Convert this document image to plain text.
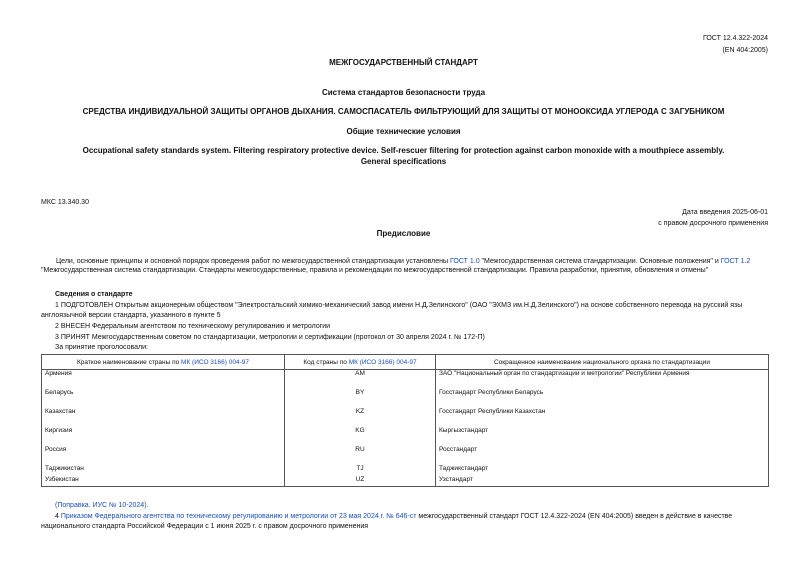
ГОСТ 12.4.322-2024
(EN 404:2005)
МЕЖГОСУДАРСТВЕННЫЙ СТАНДАРТ
Система стандартов безопасности труда
СРЕДСТВА ИНДИВИДУАЛЬНОЙ ЗАЩИТЫ ОРГАНОВ ДЫХАНИЯ. САМОСПАСАТЕЛЬ ФИЛЬТРУЮЩИЙ ДЛЯ ЗАЩИТЫ ОТ МОНООКСИДА УГЛЕРОДА С ЗАГУБНИКОМ
Общие технические условия
Occupational safety standards system. Filtering respiratory protective device. Self-rescuer filtering for protection against carbon monoxide with a mouthpiece assembly.
General specifications
МКС 13.340.30
Дата введения 2025-06-01
с правом досрочного применения
Предисловие
Цели, основные принципы и основной порядок проведения работ по межгосударственной стандартизации установлены ГОСТ 1.0 "Межгосударственная система стандартизации. Основные положения" и ГОСТ 1.2 "Межгосударственная система стандартизации. Стандарты межгосударственные, правила и рекомендации по межгосударственной стандартизации. Правила разработки, принятия, обновления и отмены"
Сведения о стандарте
1 ПОДГОТОВЛЕН Открытым акционерным обществом "Электростальский химико-механический завод имени Н.Д.Зелинского" (ОАО "ЭХМЗ им.Н.Д.Зелинского") на основе собственного перевода на русский язы
англоязычной версии стандарта, указанного в пункте 5
2 ВНЕСЕН Федеральным агентством по техническому регулированию и метрологии
3 ПРИНЯТ Межгосударственным советом по стандартизации, метрологии и сертификации (протокол от 30 апреля 2024 г. № 172-П)
За принятие проголосовали:
Краткое наименование страны по МК (ИСО 3166) 004-97	Код страны по МК (ИСО 3166) 004-97	Сокращенное наименование национального органа по стандартизации
Армения	AM	ЗАО "Национальный орган по стандартизации и метрологии" Республики Армения
Беларусь	BY	Госстандарт Республики Беларусь
Казахстан	KZ	Госстандарт Республики Казахстан
Киргизия	KG	Кыргызстандарт
Россия	RU	Росстандарт
Таджикистан	TJ	Таджикстандарт
Узбекистан	UZ	Узстандарт
(Поправка. ИУС № 10-2024).
4 Приказом Федерального агентства по техническому регулированию и метрологии от 23 мая 2024 г. № 646-ст межгосударственный стандарт ГОСТ 12.4.322-2024 (EN 404:2005) введен в действие в качестве
национального стандарта Российской Федерации с 1 июня 2025 г. с правом досрочного применения
